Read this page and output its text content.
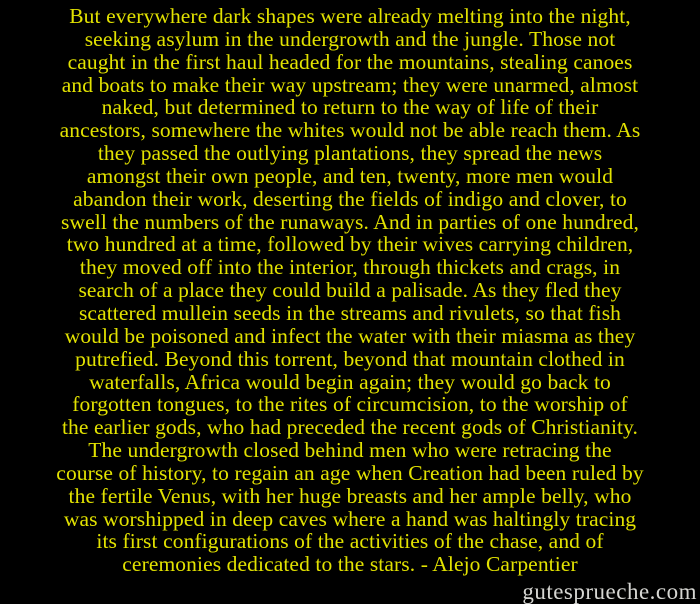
But everywhere dark shapes were already melting into the night,
seeking asylum in the undergrowth and the jungle. Those not
caught in the first haul headed for the mountains, stealing canoes
and boats to make their way upstream; they were unarmed, almost
naked, but determined to return to the way of life of their
ancestors, somewhere the whites would not be able reach them. As
they passed the outlying plantations, they spread the news
amongst their own people, and ten, twenty, more men would
abandon their work, deserting the fields of indigo and clover, to
swell the numbers of the runaways. And in parties of one hundred,
two hundred at a time, followed by their wives carrying children,
they moved off into the interior, through thickets and crags, in
search of a place they could build a palisade. As they fled they
scattered mullein seeds in the streams and rivulets, so that fish
would be poisoned and infect the water with their miasma as they
putrefied. Beyond this torrent, beyond that mountain clothed in
waterfalls, Africa would begin again; they would go back to
forgotten tongues, to the rites of circumcision, to the worship of
the earlier gods, who had preceded the recent gods of Christianity.
The undergrowth closed behind men who were retracing the
course of history, to regain an age when Creation had been ruled by
the fertile Venus, with her huge breasts and her ample belly, who
was worshipped in deep caves where a hand was haltingly tracing
its first configurations of the activities of the chase, and of
ceremonies dedicated to the stars. - Alejo Carpentier
gutesprueche.com
